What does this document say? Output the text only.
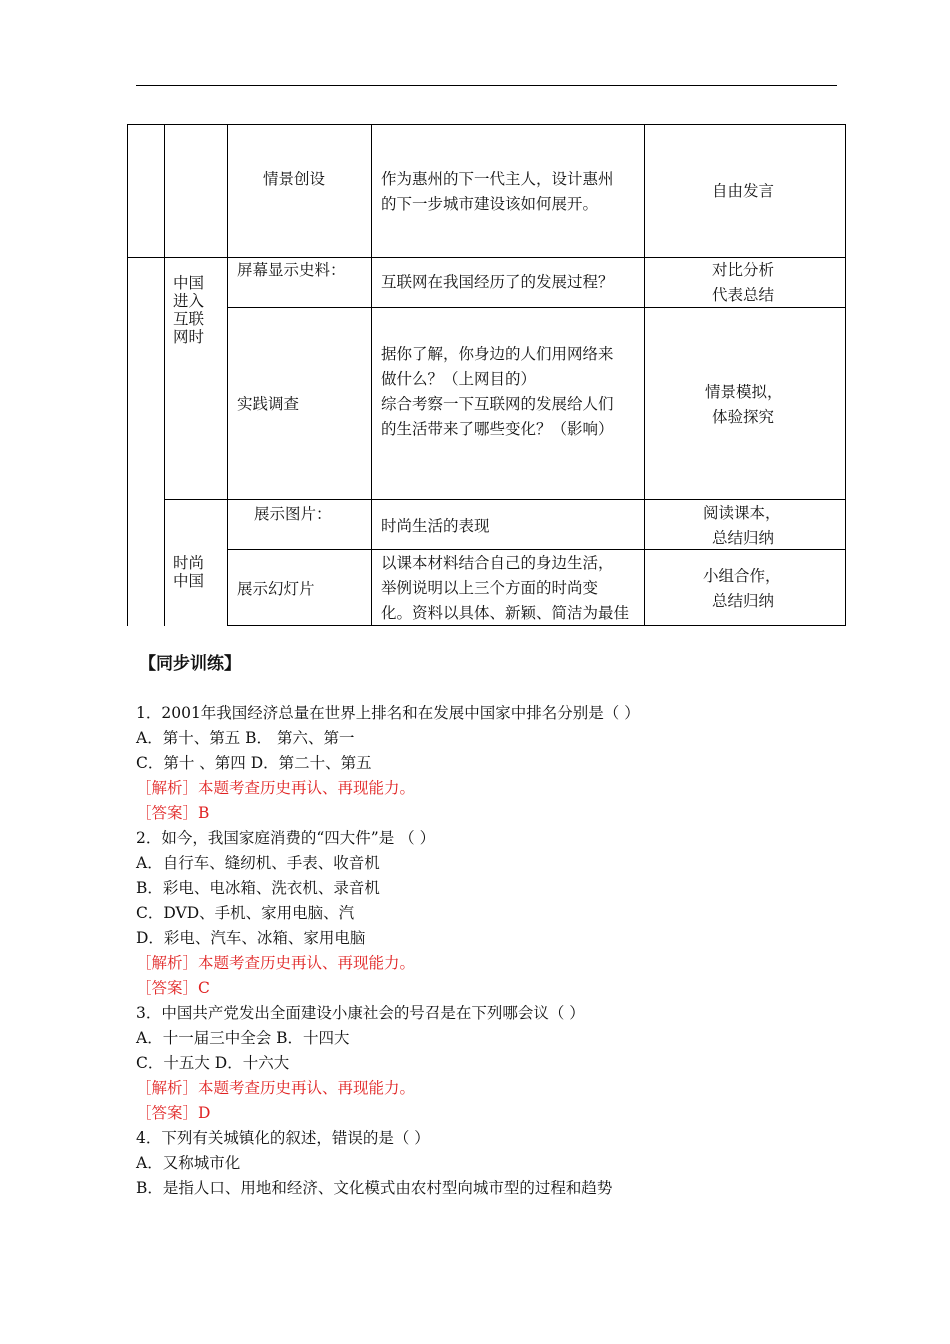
情景创设	作为惠州的下一代主人，设计惠州
的下一步城市建设该如何展开。
自由发言
中国
进入
互联
网时
屏幕显示史料：
互联网在我国经历了的发展过程？
对比分析
代表总结
实践调查
据你了解，你身边的人们用网络来
做什么？（上网目的）
综合考察一下互联网的发展给人们
的生活带来了哪些变化？（影响）
情景模拟，
体验探究
时尚
中国
展示图片：
时尚生活的表现
阅读课本，
总结归纳
展示幻灯片
以课本材料结合自己的身边生活，
举例说明以上三个方面的时尚变
化。资料以具体、新颖、简洁为最佳
小组合作，
总结归纳
【同步训练】
1．2001年我国经济总量在世界上排名和在发展中国家中排名分别是（ ）
A．第十、第五 B． 第六、第一
C．第十 、第四 D．第二十、第五
［解析］本题考查历史再认、再现能力。
［答案］B
2．如今，我国家庭消费的“四大件”是 （ ）
A．自行车、缝纫机、手表、收音机
B．彩电、电冰箱、洗衣机、录音机
C．DVD、手机、家用电脑、汽
D．彩电、汽车、冰箱、家用电脑
［解析］本题考查历史再认、再现能力。
［答案］C
3．中国共产党发出全面建设小康社会的号召是在下列哪会议（ ）
A．十一届三中全会 B．十四大
C．十五大 D．十六大
［解析］本题考查历史再认、再现能力。
［答案］D
4．下列有关城镇化的叙述，错误的是（ ）
A．又称城市化
B．是指人口、用地和经济、文化模式由农村型向城市型的过程和趋势
